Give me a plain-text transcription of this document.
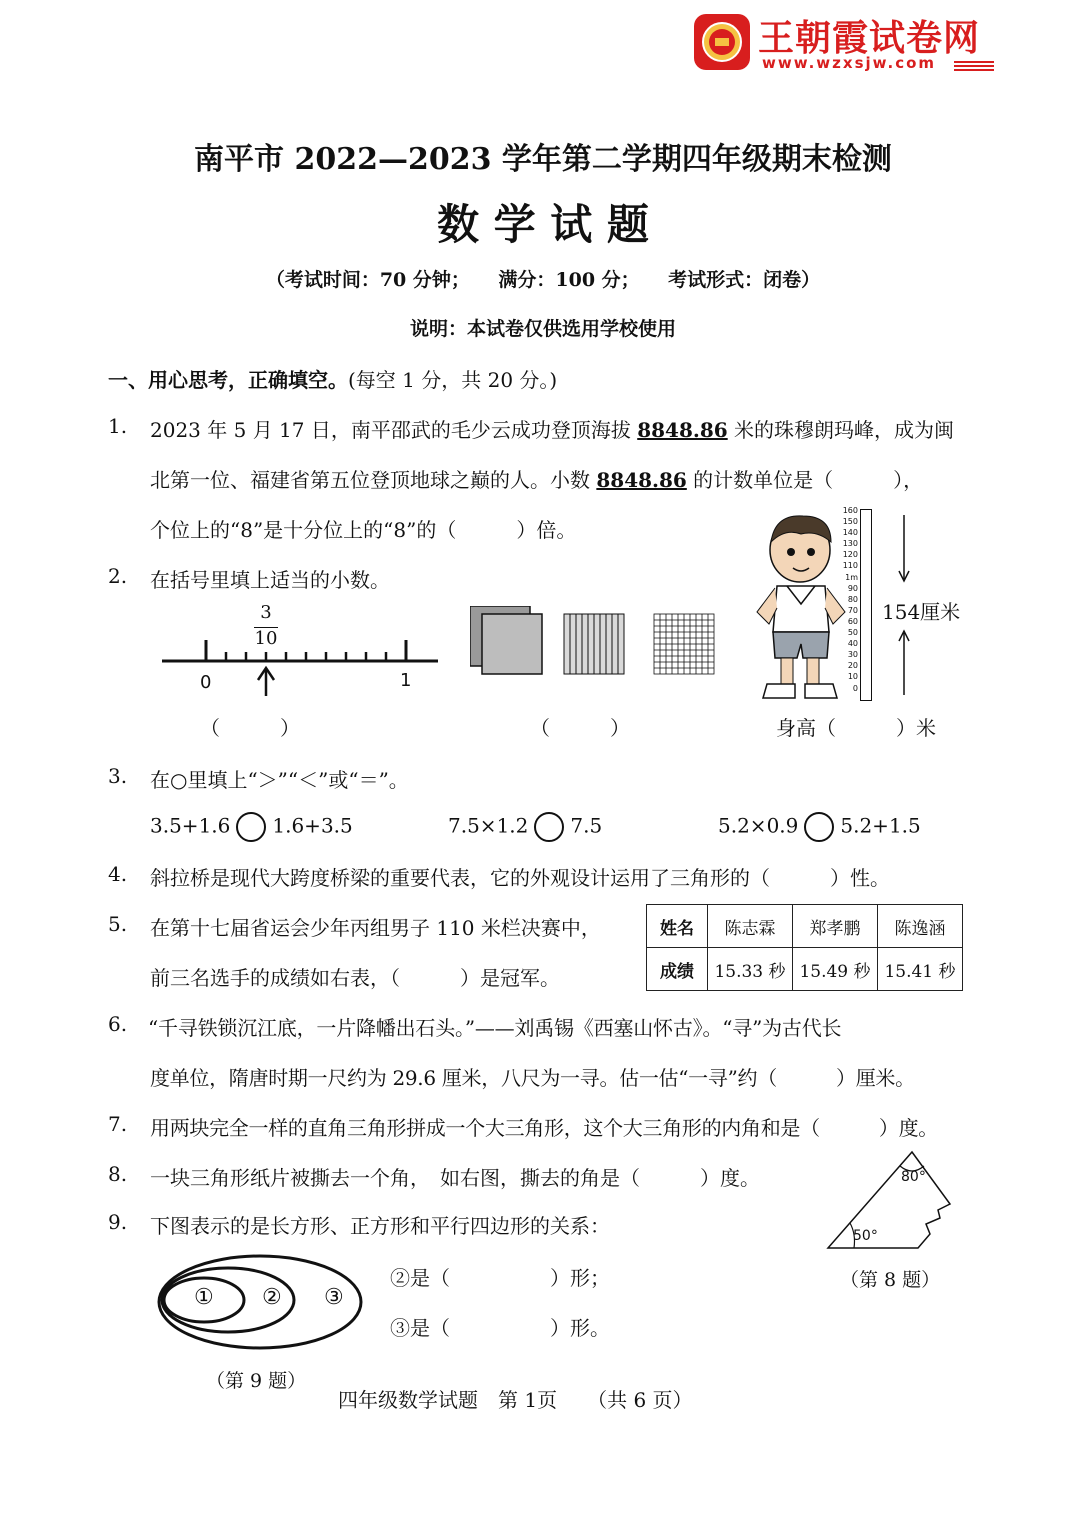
王朝霞试卷网
www.wzxsjw.com
南平市 2022—2023 学年第二学期四年级期末检测
数 学 试 题
（考试时间：70 分钟；　　满分：100 分；　　考试形式：闭卷）
说明：本试卷仅供选用学校使用
一、用心思考，正确填空。(每空 1 分，共 20 分。)
1. 2023 年 5 月 17 日，南平邵武的毛少云成功登顶海拔 8848.86 米的珠穆朗玛峰，成为闽
北第一位、福建省第五位登顶地球之巅的人。小数 8848.86 的计数单位是（　　　），
个位上的“8”是十分位上的“8”的（　　　）倍。
2. 在括号里填上适当的小数。
3
10
0	1
（　　　）	（　　　）
160
150
140
130
120
110
1m
90
80
70
60
50
40
30
20
10
0
154厘米
身高（　　　）米
3. 在○里填上“＞”“＜”或“＝”。
3.5+1.6 1.6+3.5	7.5×1.2 7.5	5.2×0.9 5.2+1.5
4. 斜拉桥是现代大跨度桥梁的重要代表，它的外观设计运用了三角形的（　　　）性。
5. 在第十七届省运会少年丙组男子 110 米栏决赛中，
前三名选手的成绩如右表，（　　　）是冠军。
姓名	陈志霖	郑孝鹏	陈逸涵
成绩	15.33 秒	15.49 秒	15.41 秒
6. “千寻铁锁沉江底，一片降幡出石头。”——刘禹锡《西塞山怀古》。“寻”为古代长
度单位，隋唐时期一尺约为 29.6 厘米，八尺为一寻。估一估“一寻”约（　　　）厘米。
7. 用两块完全一样的直角三角形拼成一个大三角形，这个大三角形的内角和是（　　　）度。
8. 一块三角形纸片被撕去一个角，　如右图，撕去的角是（　　　）度。	80°
50°
（第 8 题）
9. 下图表示的是长方形、正方形和平行四边形的关系：
① ② ③
②是（　　　　　）形；
③是（　　　　　）形。
（第 9 题）
四年级数学试题　第 1页　　（共 6 页）
